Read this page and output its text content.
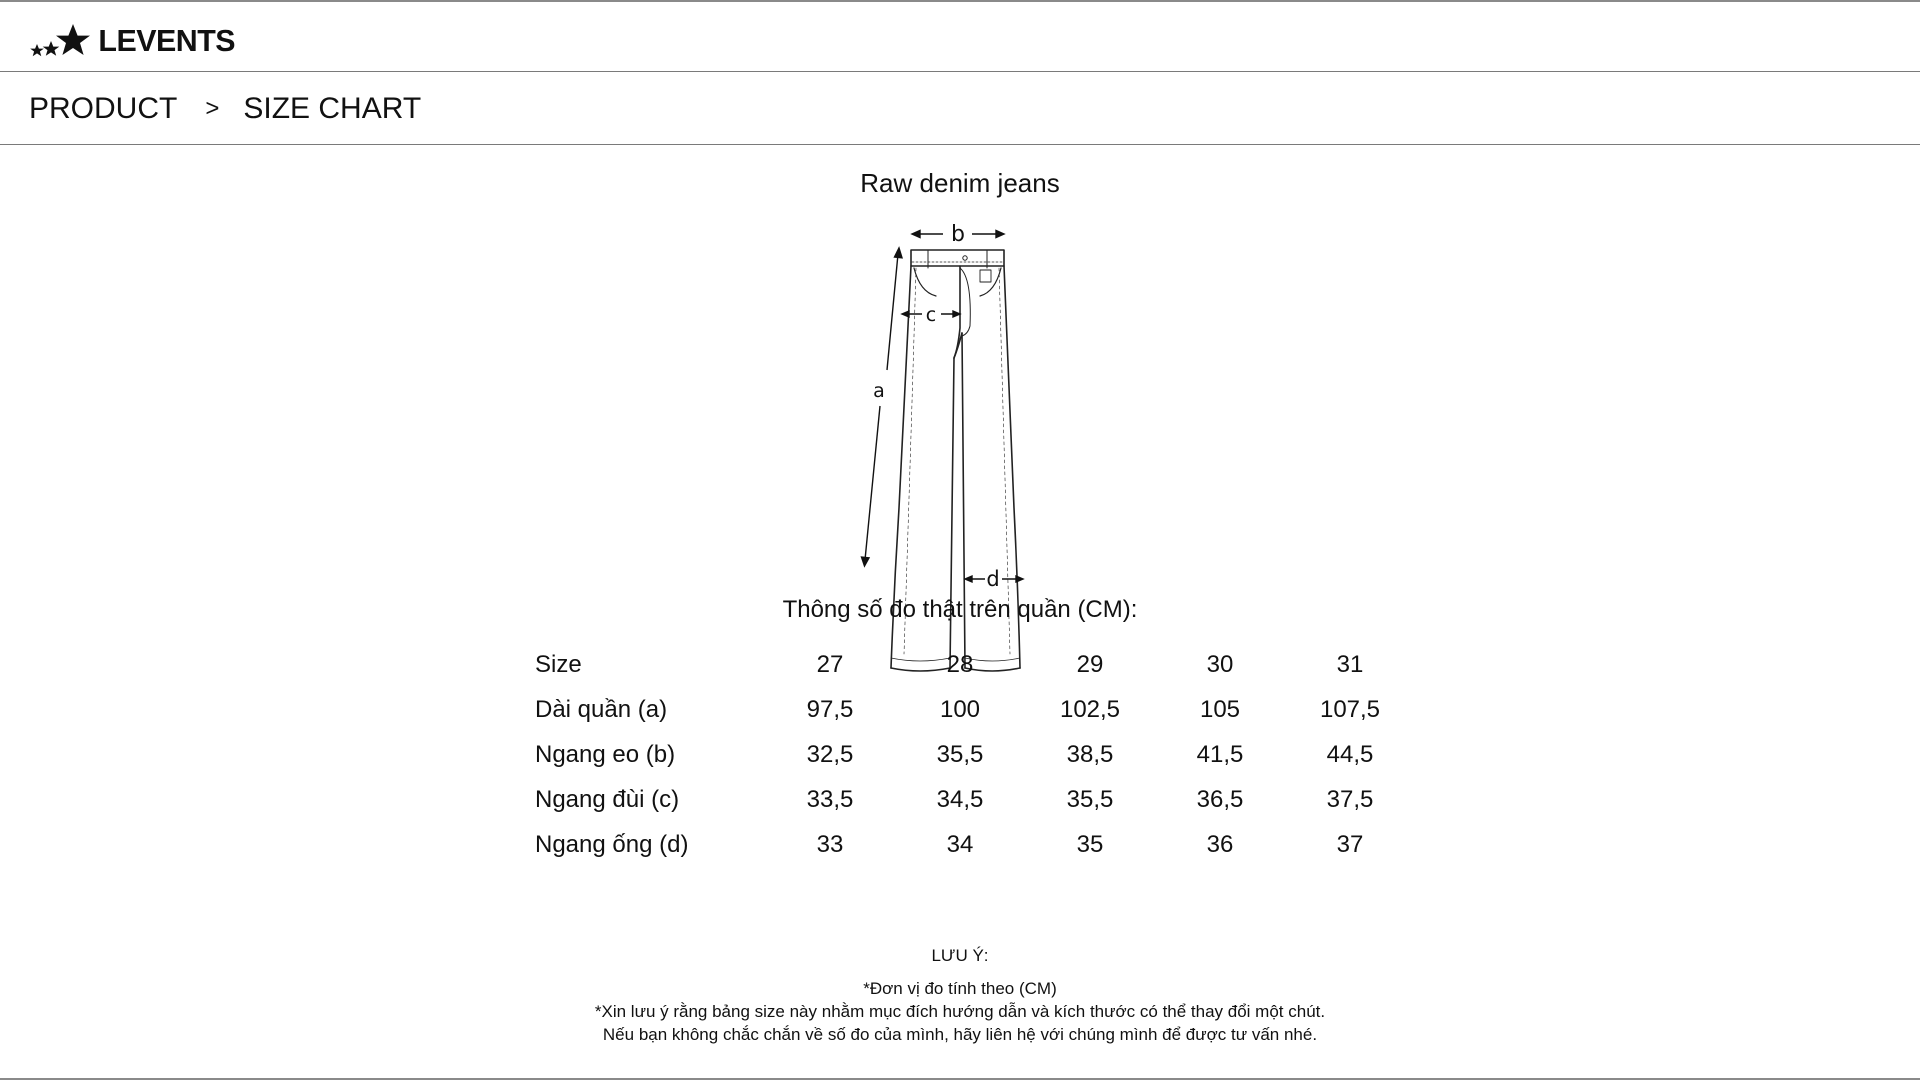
LEVENTS
PRODUCT > SIZE CHART
Raw denim jeans
b
c
a
d
Thông số đo thật trên quần (CM):
Size	27	28	29	30	31
Dài quần (a)	97,5	100	102,5	105	107,5
Ngang eo (b)	32,5	35,5	38,5	41,5	44,5
Ngang đùi (c)	33,5	34,5	35,5	36,5	37,5
Ngang ống (d)	33	34	35	36	37
LƯU Ý:
*Đơn vị đo tính theo (CM)
*Xin lưu ý rằng bảng size này nhằm mục đích hướng dẫn và kích thước có thể thay đổi một chút.
Nếu bạn không chắc chắn về số đo của mình, hãy liên hệ với chúng mình để được tư vấn nhé.
